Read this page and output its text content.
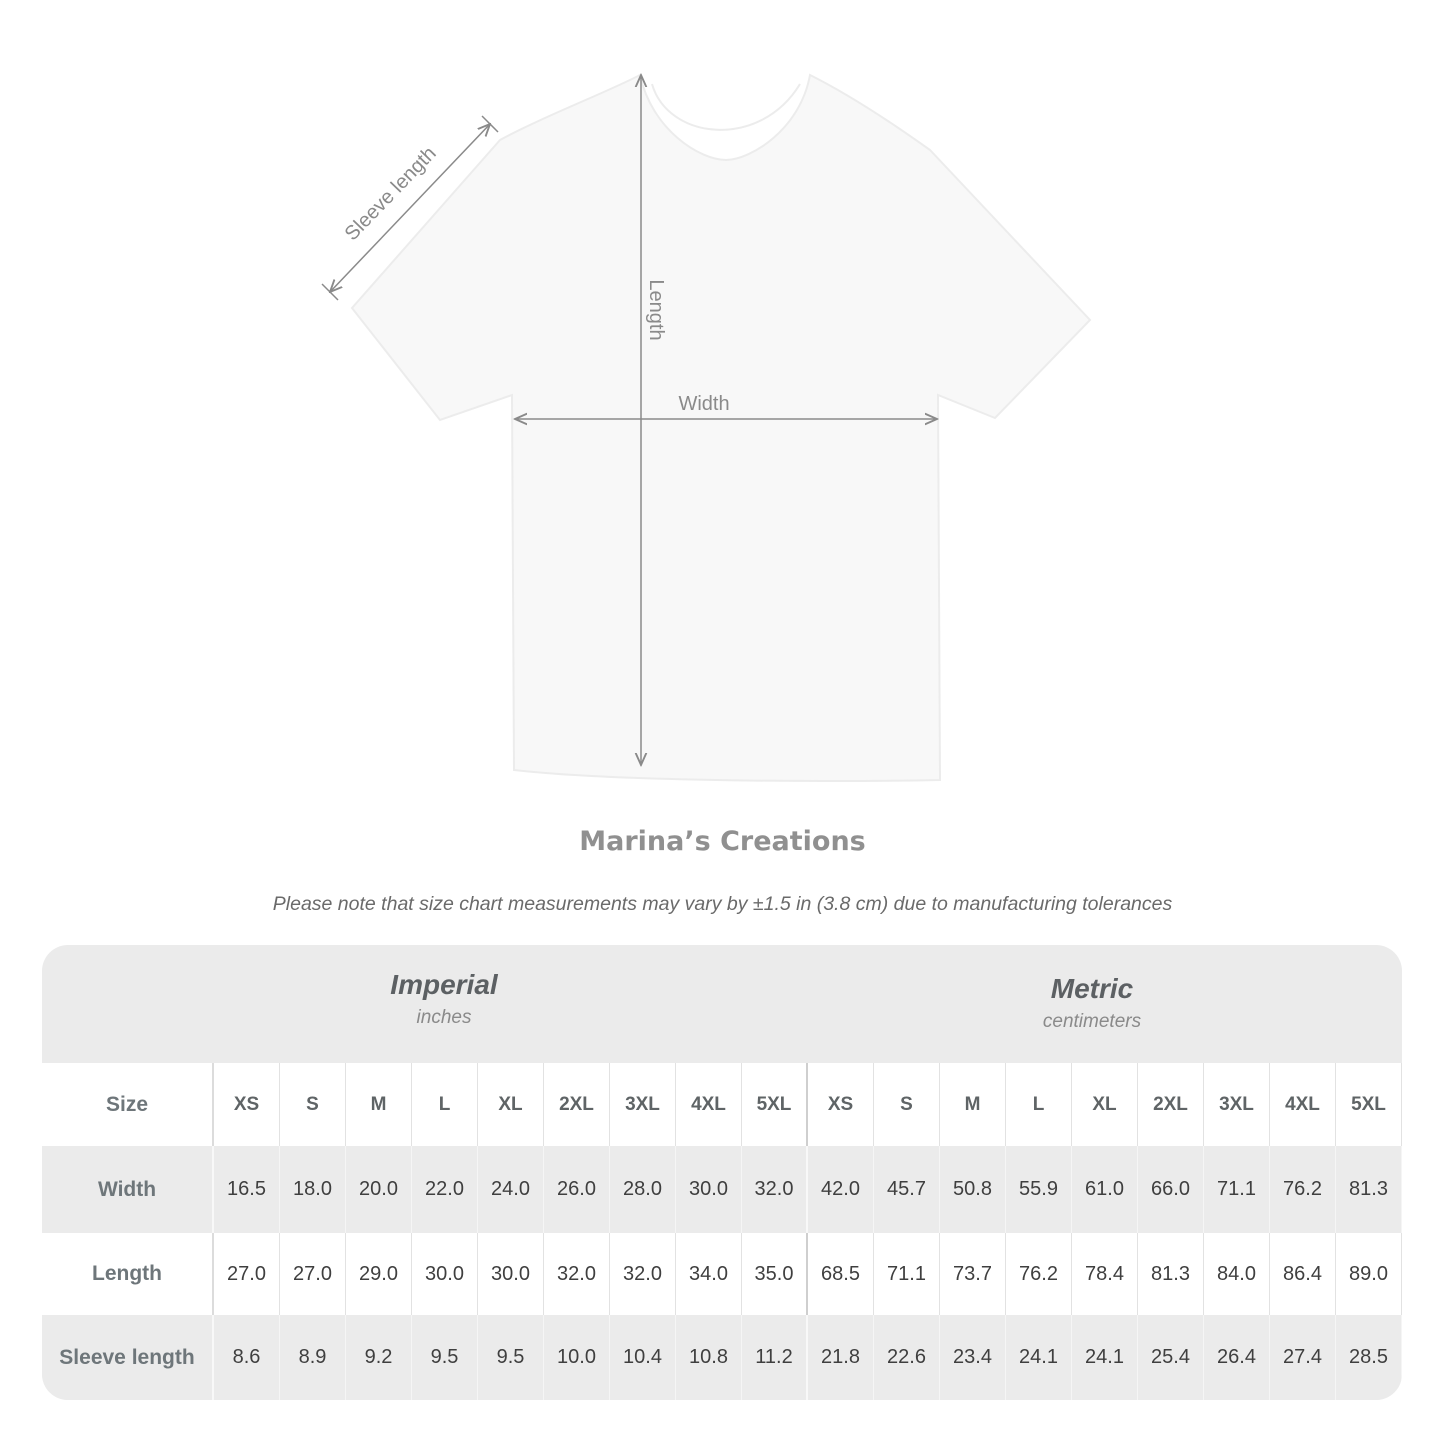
Sleeve length
Length
Width
Marina’s Creations
Please note that size chart measurements may vary by ±1.5 in (3.8 cm) due to manufacturing tolerances
Imperial
inches
Metric
centimeters
Size	XS	S	M	L	XL	2XL	3XL	4XL	5XL	XS	S	M	L	XL	2XL	3XL	4XL	5XL
Width	16.5	18.0	20.0	22.0	24.0	26.0	28.0	30.0	32.0	42.0	45.7	50.8	55.9	61.0	66.0	71.1	76.2	81.3
Length	27.0	27.0	29.0	30.0	30.0	32.0	32.0	34.0	35.0	68.5	71.1	73.7	76.2	78.4	81.3	84.0	86.4	89.0
Sleeve length	8.6	8.9	9.2	9.5	9.5	10.0	10.4	10.8	11.2	21.8	22.6	23.4	24.1	24.1	25.4	26.4	27.4	28.5
